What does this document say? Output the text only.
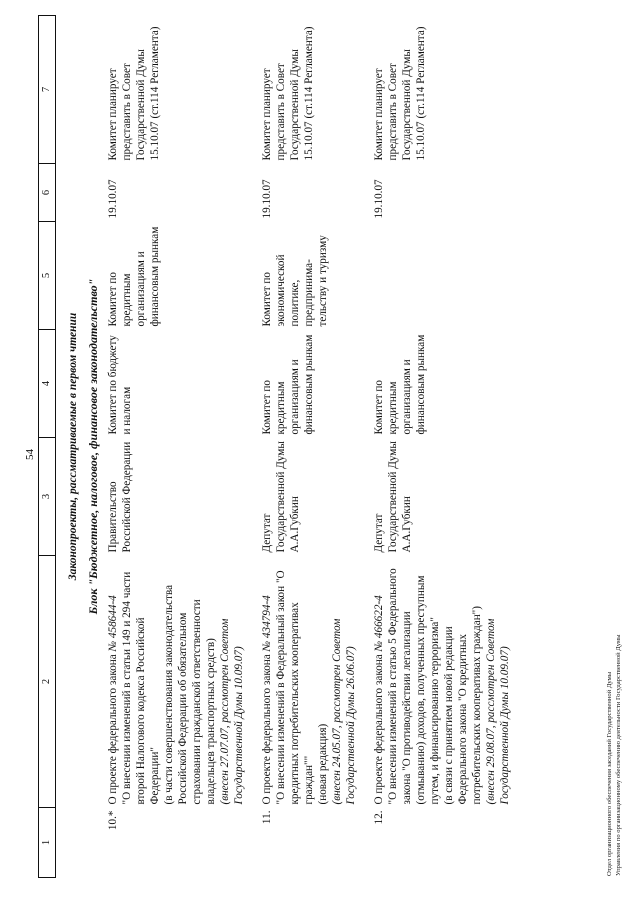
54
1	2	3	4	5	6	7
Законопроекты, рассматриваемые в первом чтении						
Блок "Бюджетное, налоговое, финансовое законодательство"						
10.*	О проекте федерального закона № 458644-4 "О внесении изменений в статьи 149 и 294 части второй Налогового кодекса Российской Федерации" (в части совершенствования законодательства Российской Федерации об обязательном страховании гражданской ответственности владельцев транспортных средств) (внесен 27.07.07, рассмотрен Советом Государственной Думы 10.09.07)	Правительство Российской Федерации	Комитет по бюджету и налогам	Комитет по кредитным организациям и финансовым рынкам	19.10.07	Комитет планирует представить в Совет Государственной Думы 15.10.07 (ст.114 Регламента)
11.	О проекте федерального закона № 434794-4 "О внесении изменений в Федеральный закон "О кредитных потребительских кооперативах граждан"" (новая редакция) (внесен 24.05.07, рассмотрен Советом Государственной Думы 26.06.07)	Депутат Государственной Думы А.А.Губкин	Комитет по кредитным организациям и финансовым рынкам	Комитет по экономической политике, предпринима-тельству и туризму	19.10.07	Комитет планирует представить в Совет Государственной Думы 15.10.07 (ст.114 Регламента)
12.	О проекте федерального закона № 466622-4 "О внесении изменений в статью 5 Федерального закона "О противодействии легализации (отмыванию) доходов, полученных преступным путем, и финансированию терроризма" (в связи с принятием новой редакции Федерального закона "О кредитных потребительских кооперативах граждан") (внесен 29.08.07, рассмотрен Советом Государственной Думы 10.09.07)	Депутат Государственной Думы А.А.Губкин	Комитет по кредитным организациям и финансовым рынкам		19.10.07	Комитет планирует представить в Совет Государственной Думы 15.10.07 (ст.114 Регламента)
Отдел организационного обеспечения заседаний Государственной Думы Управления по организационному обеспечению деятельности Государственной Думы
